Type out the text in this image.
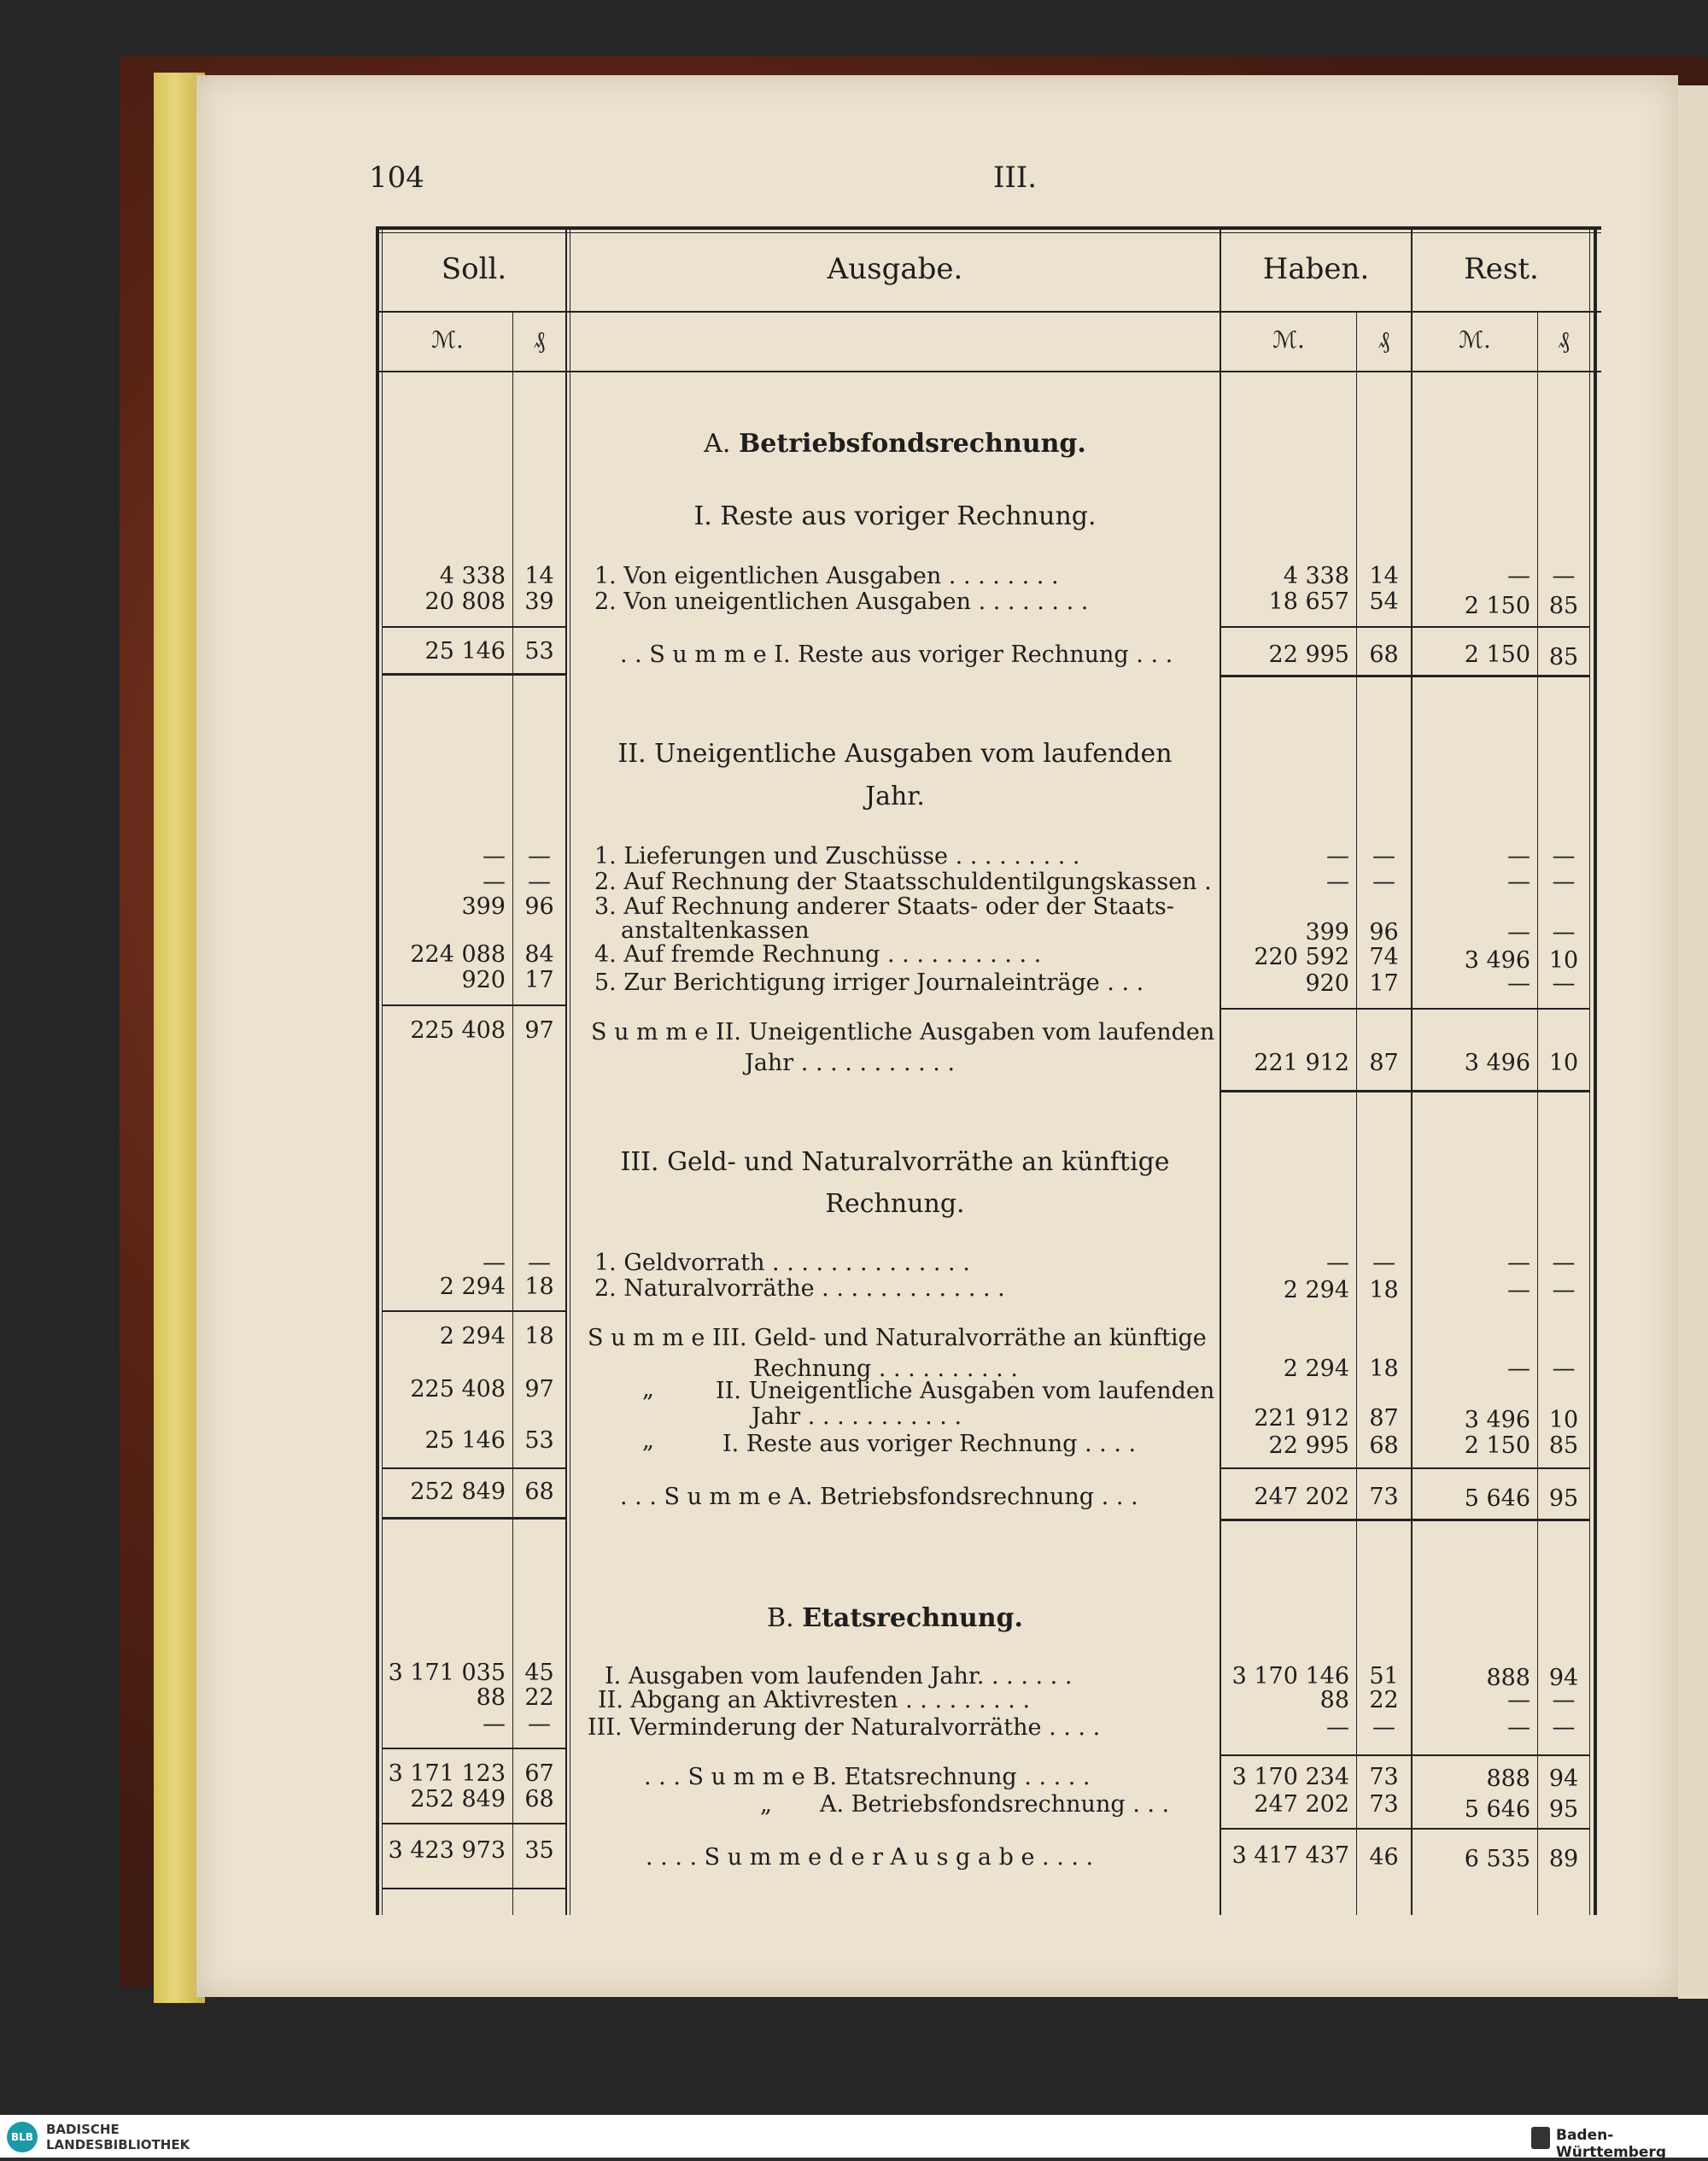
104	III.
Soll.	Ausgabe.	Haben.	Rest.
ℳ.	₰	ℳ.	₰	ℳ.	₰
A. Betriebsfondsrechnung.
I. Reste aus voriger Rechnung.
4 338 14	1. Von eigentlichen Ausgaben . . . . . . . .	4 338 14	— —
20 808 39	2. Von uneigentlichen Ausgaben . . . . . . . .	18 657 54	2 150 85
25 146 53	. . S u m m e I. Reste aus voriger Rechnung . . .	22 995 68	2 150 85
II. Uneigentliche Ausgaben vom laufenden
Jahr.
— —	1. Lieferungen und Zuschüsse . . . . . . . . .	—	—	— —
— —	2. Auf Rechnung der Staatsschuldentilgungskassen .	—	—	— —
399 96	3. Auf Rechnung anderer Staats- oder der Staats-
anstaltenkassen	399 96	— —
224 088 84	4. Auf fremde Rechnung . . . . . . . . . . .	220 592 74	3 496 10
920 17	5. Zur Berichtigung irriger Journaleinträge . . .	920 17	— —
225 408 97	S u m m e II. Uneigentliche Ausgaben vom laufenden
Jahr . . . . . . . . . . .	221 912 87	3 496 10
III. Geld- und Naturalvorräthe an künftige
Rechnung.
— —	1. Geldvorrath . . . . . . . . . . . . . .	—	—	— —
2 294 18	2. Naturalvorräthe . . . . . . . . . . . . .	2 294 18	— —
2 294 18	S u m m e III. Geld- und Naturalvorräthe an künftige
Rechnung . . . . . . . . . .	2 294 18	— —
225 408 97	„	II. Uneigentliche Ausgaben vom laufenden
Jahr . . . . . . . . . . .	221 912 87	3 496 10
25 146 53	„	I. Reste aus voriger Rechnung . . . .	22 995 68	2 150 85
252 849 68	. . . S u m m e A. Betriebsfondsrechnung . . .	247 202 73	5 646 95
B. Etatsrechnung.
3 171 035 45	I. Ausgaben vom laufenden Jahr. . . . . . .	3 170 146 51	888 94
88 22	II. Abgang an Aktivresten . . . . . . . . .	88 22	— —
— —	III. Verminderung der Naturalvorräthe . . . .	—	—	— —
3 171 123 67	. . . S u m m e B. Etatsrechnung . . . . .	3 170 234 73	888 94
252 849 68	„ A. Betriebsfondsrechnung . . .	247 202 73	5 646 95
3 423 973 35	. . . . S u m m e d e r A u s g a b e . . . .	3 417 437 46	6 535 89
BLB	BADISCHE
LANDESBIBLIOTHEK
Baden-Württemberg
